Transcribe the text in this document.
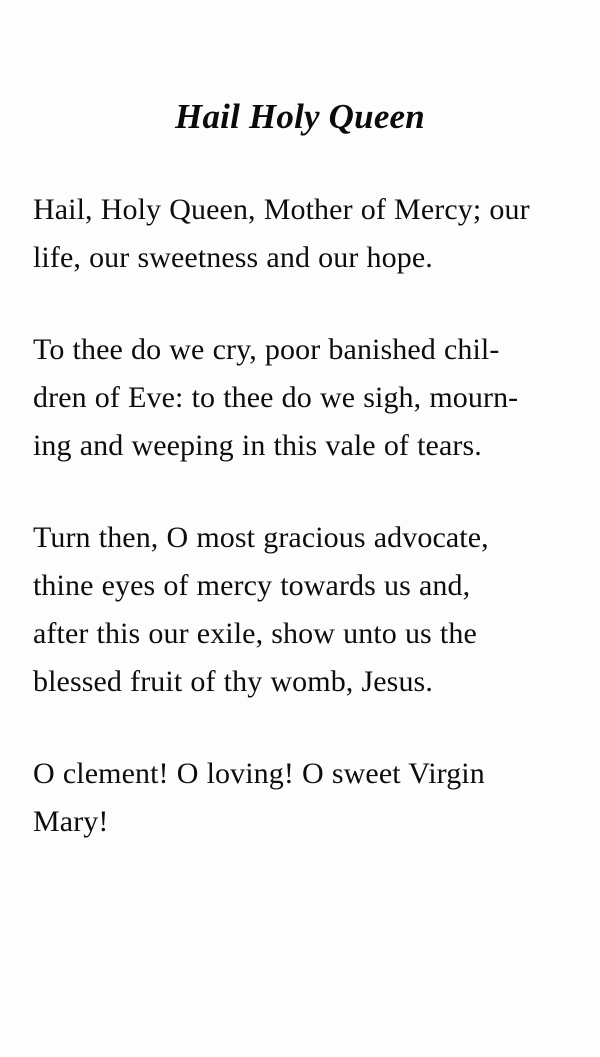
Hail Holy Queen

Hail, Holy Queen, Mother of Mercy; our
life, our sweetness and our hope.

To thee do we cry, poor banished chil-
dren of Eve: to thee do we sigh, mourn-
ing and weeping in this vale of tears.

Turn then, O most gracious advocate,
thine eyes of mercy towards us and,
after this our exile, show unto us the
blessed fruit of thy womb, Jesus.

O clement! O loving! O sweet Virgin
Mary!
